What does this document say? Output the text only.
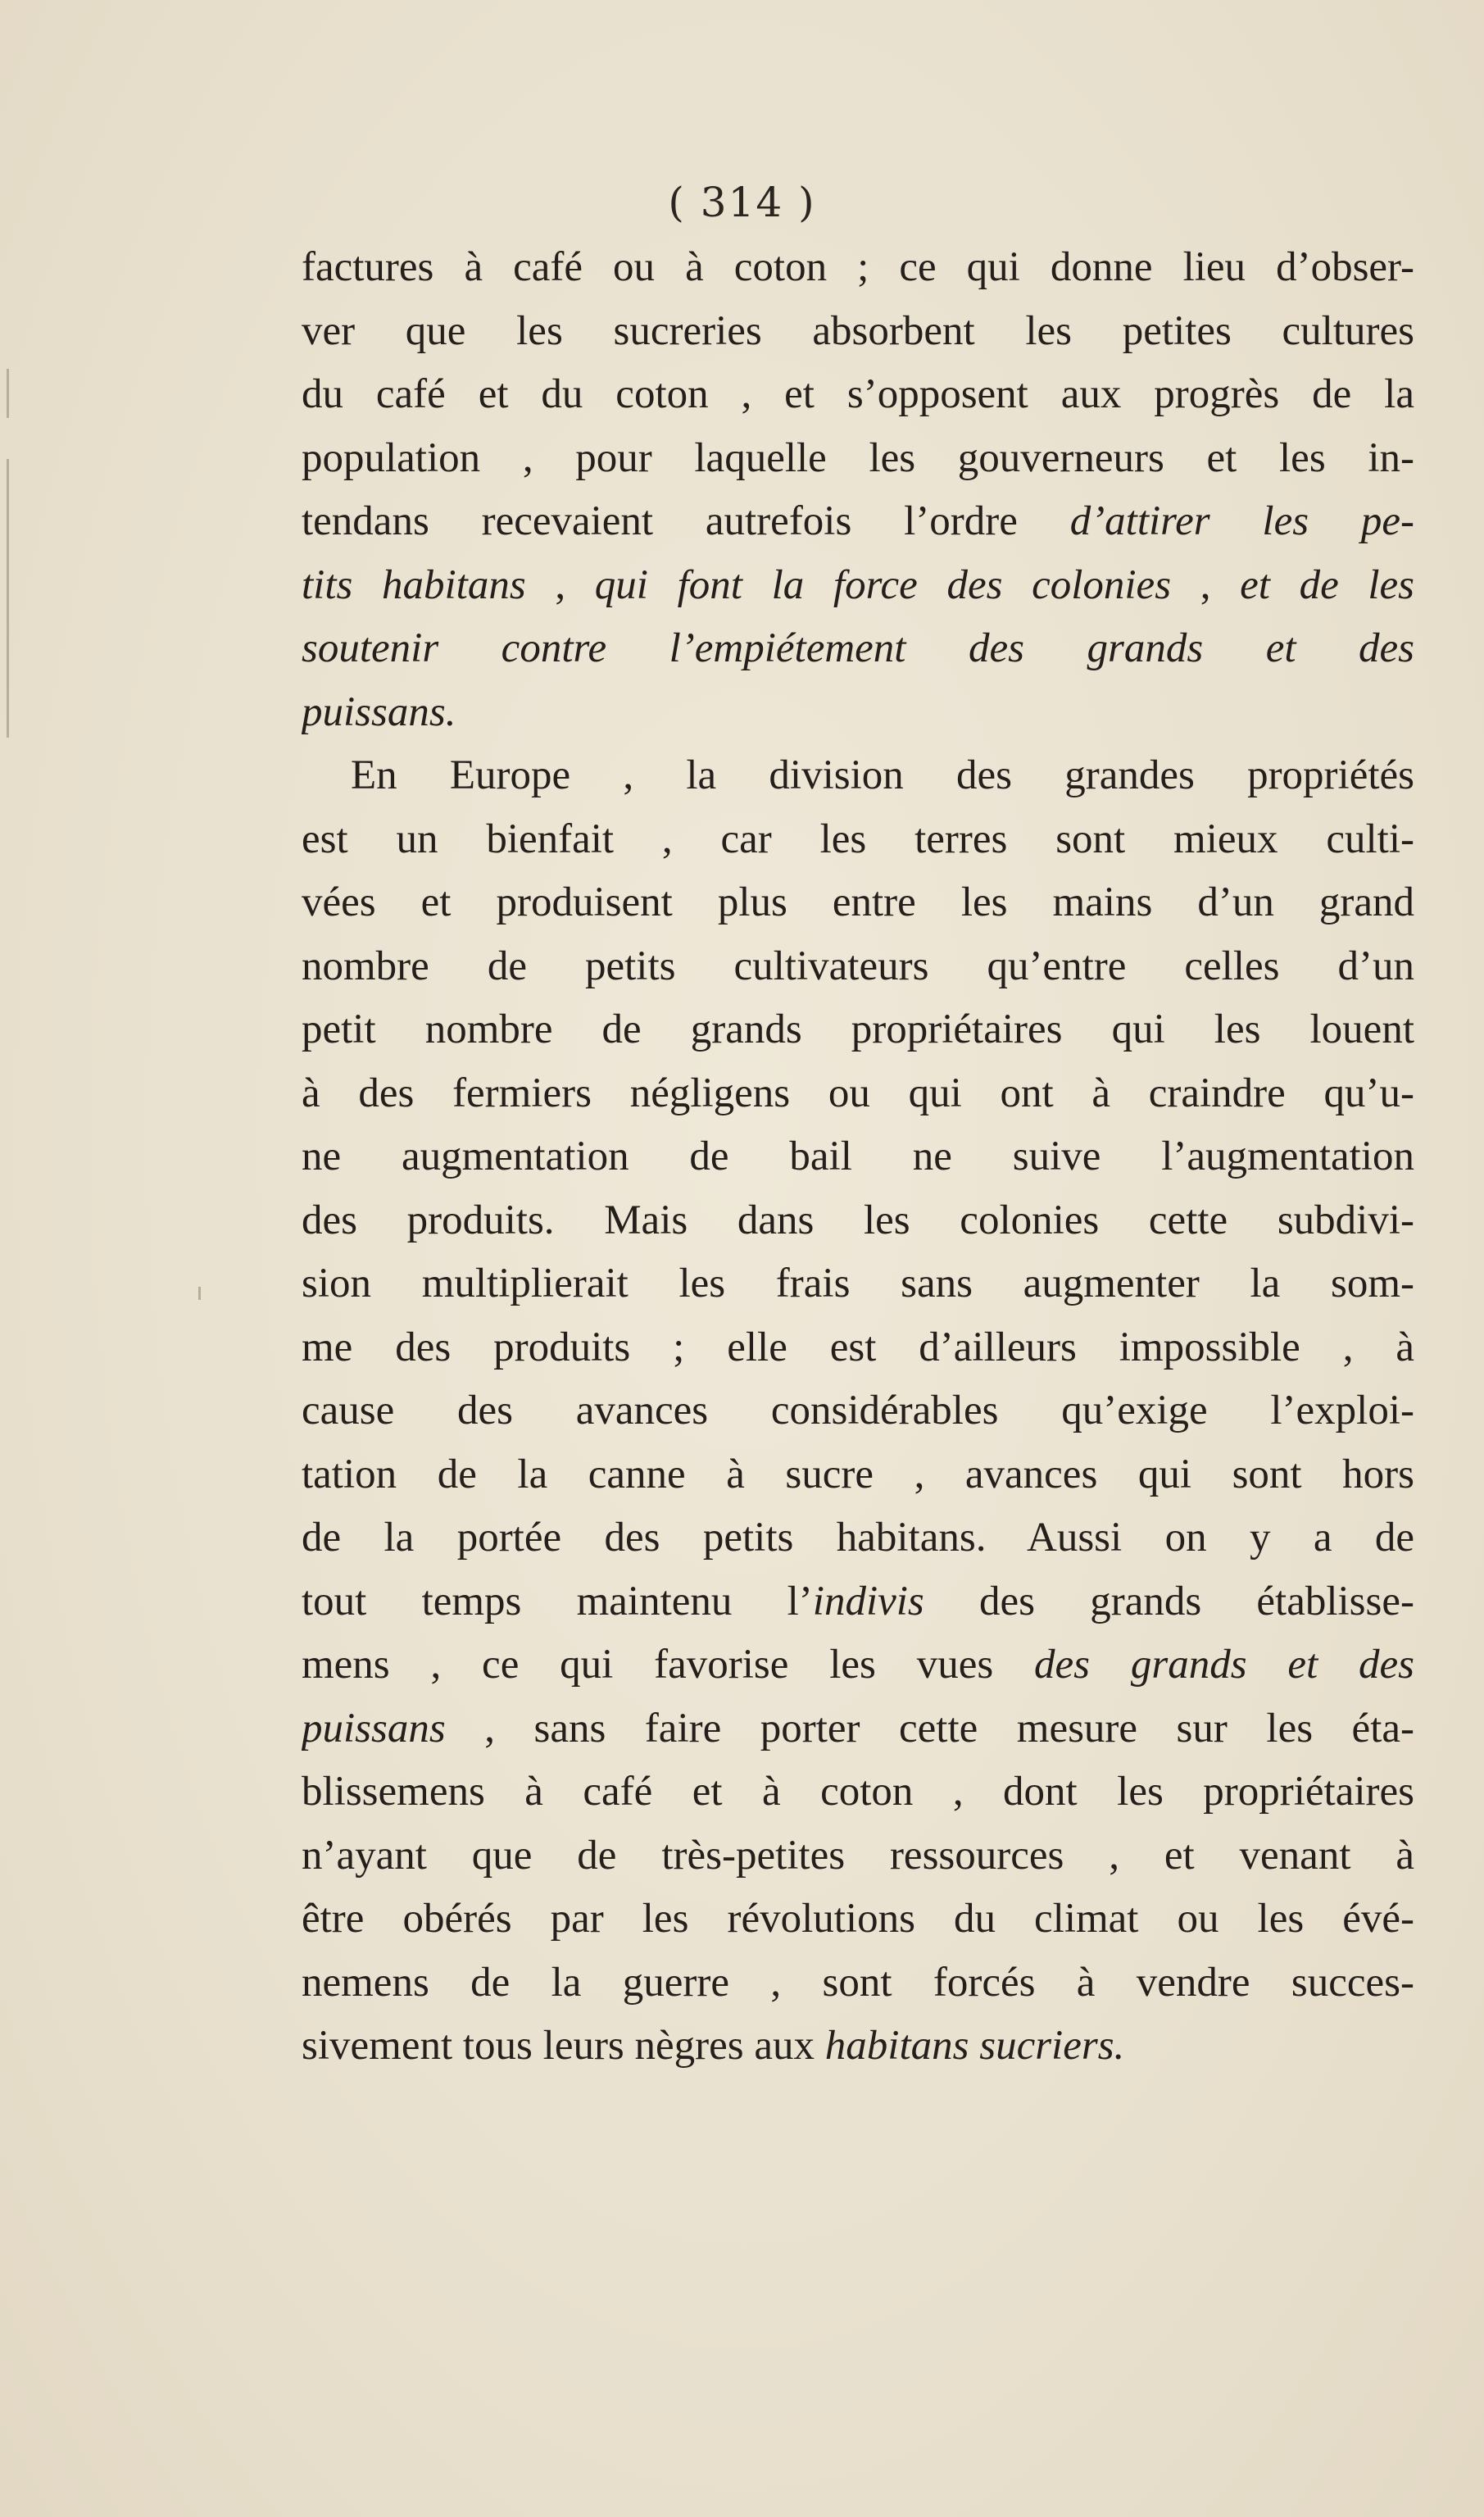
( 314 )
factures à café ou à coton ; ce qui donne lieu d’obser-
ver que les sucreries absorbent les petites cultures
du café et du coton , et s’opposent aux progrès de la
population , pour laquelle les gouverneurs et les in-
tendans recevaient autrefois l’ordre d’attirer les pe-
tits habitans , qui font la force des colonies , et de les
soutenir contre l’empiétement des grands et des
puissans.
En Europe , la division des grandes propriétés
est un bienfait , car les terres sont mieux culti-
vées et produisent plus entre les mains d’un grand
nombre de petits cultivateurs qu’entre celles d’un
petit nombre de grands propriétaires qui les louent
à des fermiers négligens ou qui ont à craindre qu’u-
ne augmentation de bail ne suive l’augmentation
des produits. Mais dans les colonies cette subdivi-
sion multiplierait les frais sans augmenter la som-
me des produits ; elle est d’ailleurs impossible , à
cause des avances considérables qu’exige l’exploi-
tation de la canne à sucre , avances qui sont hors
de la portée des petits habitans. Aussi on y a de
tout temps maintenu l’indivis des grands établisse-
mens , ce qui favorise les vues des grands et des
puissans , sans faire porter cette mesure sur les éta-
blissemens à café et à coton , dont les propriétaires
n’ayant que de très-petites ressources , et venant à
être obérés par les révolutions du climat ou les évé-
nemens de la guerre , sont forcés à vendre succes-
sivement tous leurs nègres aux habitans sucriers.
